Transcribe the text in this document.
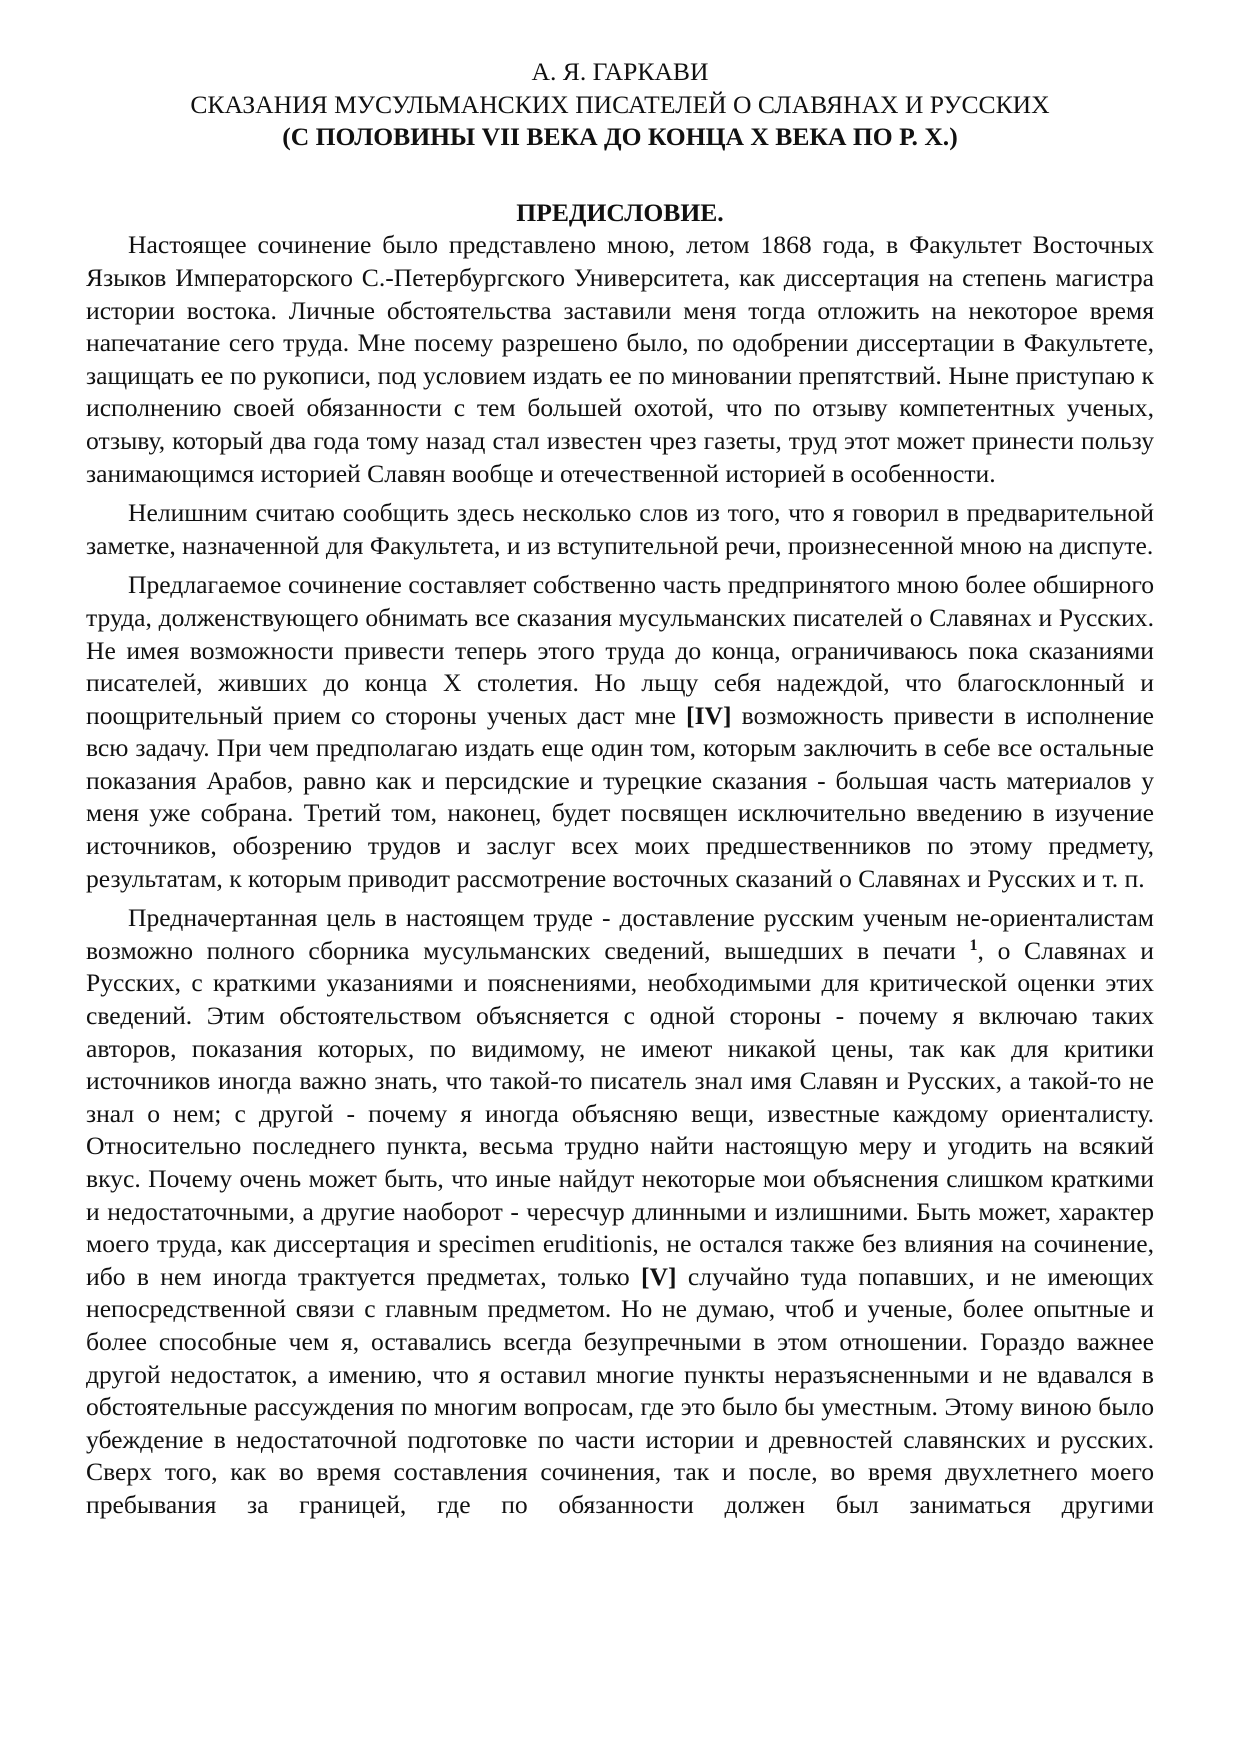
А. Я. ГАРКАВИ
СКАЗАНИЯ МУСУЛЬМАНСКИХ ПИСАТЕЛЕЙ О СЛАВЯНАХ И РУССКИХ
(С ПОЛОВИНЫ VII ВЕКА ДО КОНЦА X ВЕКА ПО Р. X.)
ПРЕДИСЛОВИЕ.

Настоящее сочинение было представлено мною, летом 1868 года, в Факультет Восточных Языков Императорского С.-Петербургского Университета, как диссертация на степень магистра истории востока. Личные обстоятельства заставили меня тогда отложить на некоторое время напечатание сего труда. Мне посему разрешено было, по одобрении диссертации в Факультете, защищать ее по рукописи, под условием издать ее по миновании препятствий. Ныне приступаю к исполнению своей обязанности с тем большей охотой, что по отзыву компетентных ученых, отзыву, который два года тому назад стал известен чрез газеты, труд этот может принести пользу занимающимся историей Славян вообще и отечественной историей в особенности.

Нелишним считаю сообщить здесь несколько слов из того, что я говорил в предварительной заметке, назначенной для Факультета, и из вступительной речи, произнесенной мною на диспуте.

Предлагаемое сочинение составляет собственно часть предпринятого мною более обширного труда, долженствующего обнимать все сказания мусульманских писателей о Славянах и Русских. Не имея возможности привести теперь этого труда до конца, ограничиваюсь пока сказаниями писателей, живших до конца X столетия. Но льщу себя надеждой, что благосклонный и поощрительный прием со стороны ученых даст мне [IV] возможность привести в исполнение всю задачу. При чем предполагаю издать еще один том, которым заключить в себе все остальные показания Арабов, равно как и персидские и турецкие сказания - большая часть материалов у меня уже собрана. Третий том, наконец, будет посвящен исключительно введению в изучение источников, обозрению трудов и заслуг всех моих предшественников по этому предмету, результатам, к которым приводит рассмотрение восточных сказаний о Славянах и Русских и т. п.

Предначертанная цель в настоящем труде - доставление русским ученым не-ориенталистам возможно полного сборника мусульманских сведений, вышедших в печати $^1$, о Славянах и Русских, с краткими указаниями и пояснениями, необходимыми для критической оценки этих сведений. Этим обстоятельством объясняется с одной стороны - почему я включаю таких авторов, показания которых, по видимому, не имеют никакой цены, так как для критики источников иногда важно знать, что такой-то писатель знал имя Славян и Русских, а такой-то не знал о нем; с другой - почему я иногда объясняю вещи, известные каждому ориенталисту. Относительно последнего пункта, весьма трудно найти настоящую меру и угодить на всякий вкус. Почему очень может быть, что иные найдут некоторые мои объяснения слишком краткими и недостаточными, а другие наоборот - чересчур длинными и излишними. Быть может, характер моего труда, как диссертация и specimen eruditionis, не остался также без влияния на сочинение, ибо в нем иногда трактуется предметах, только [V] случайно туда попавших, и не имеющих непосредственной связи с главным предметом. Но не думаю, чтоб и ученые, более опытные и более способные чем я, оставались всегда безупречными в этом отношении. Гораздо важнее другой недостаток, а имению, что я оставил многие пункты неразъясненными и не вдавался в обстоятельные рассуждения по многим вопросам, где это было бы уместным. Этому виною было убеждение в недостаточной подготовке по части истории и древностей славянских и русских. Сверх того, как во время составления сочинения, так и после, во время двухлетнего моего пребывания за границей, где по обязанности должен был заниматься другими
